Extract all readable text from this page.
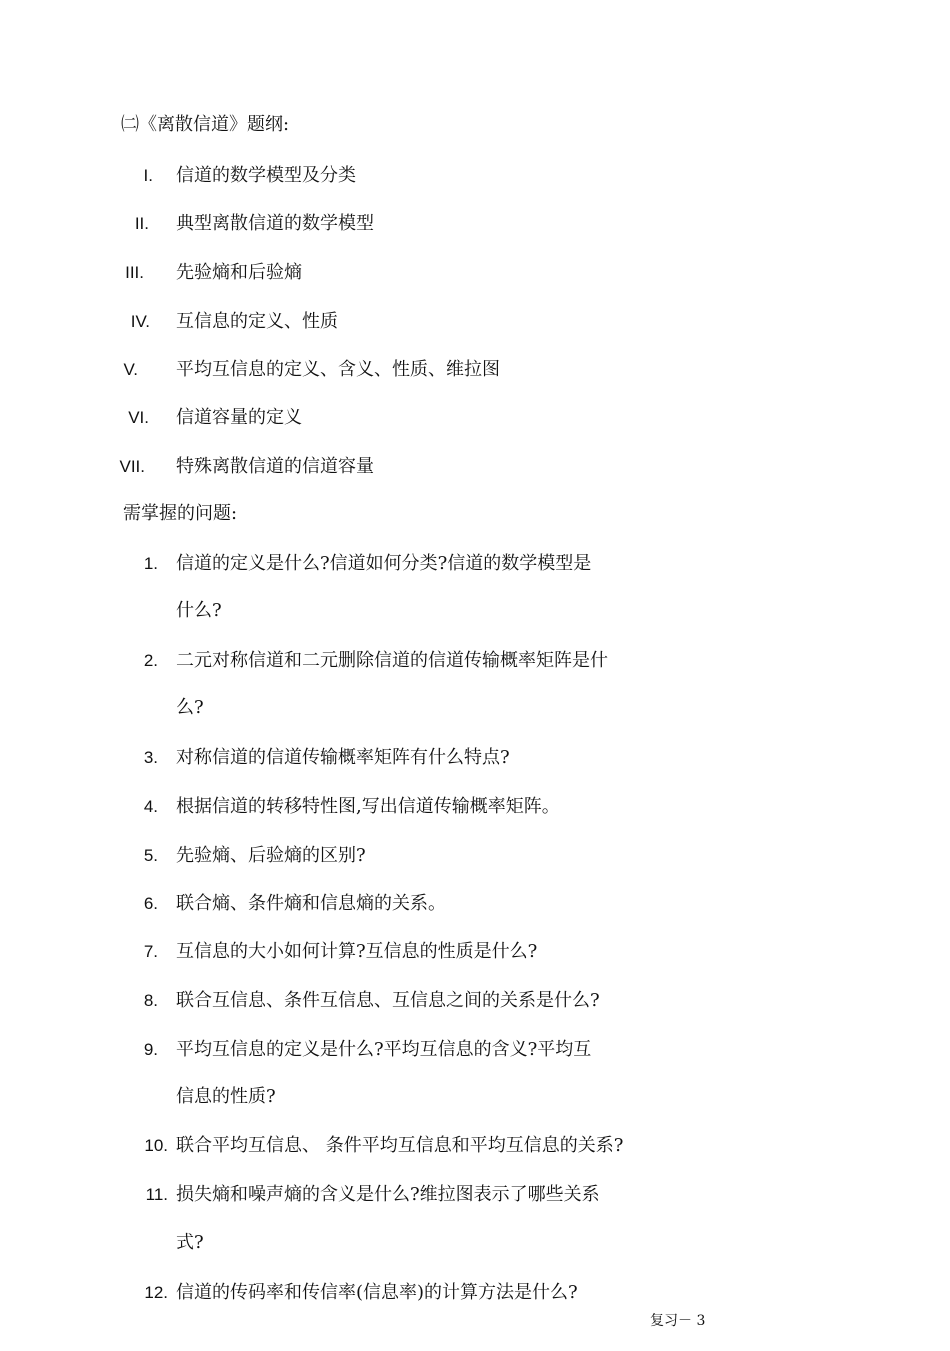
㈡《离散信道》题纲:
I. 信道的数学模型及分类
II. 典型离散信道的数学模型
III. 先验熵和后验熵
IV. 互信息的定义、性质
V. 平均互信息的定义、含义、性质、维拉图
VI. 信道容量的定义
VII. 特殊离散信道的信道容量
需掌握的问题:
1. 信道的定义是什么?信道如何分类?信道的数学模型是
什么?
2. 二元对称信道和二元删除信道的信道传输概率矩阵是什
么?
3. 对称信道的信道传输概率矩阵有什么特点?
4. 根据信道的转移特性图,写出信道传输概率矩阵。
5. 先验熵、后验熵的区别?
6. 联合熵、条件熵和信息熵的关系。
7. 互信息的大小如何计算?互信息的性质是什么?
8. 联合互信息、条件互信息、互信息之间的关系是什么?
9. 平均互信息的定义是什么?平均互信息的含义?平均互
信息的性质?
10. 联合平均互信息、 条件平均互信息和平均互信息的关系?
11. 损失熵和噪声熵的含义是什么?维拉图表示了哪些关系
式?
12. 信道的传码率和传信率(信息率)的计算方法是什么?
复习－ 3
